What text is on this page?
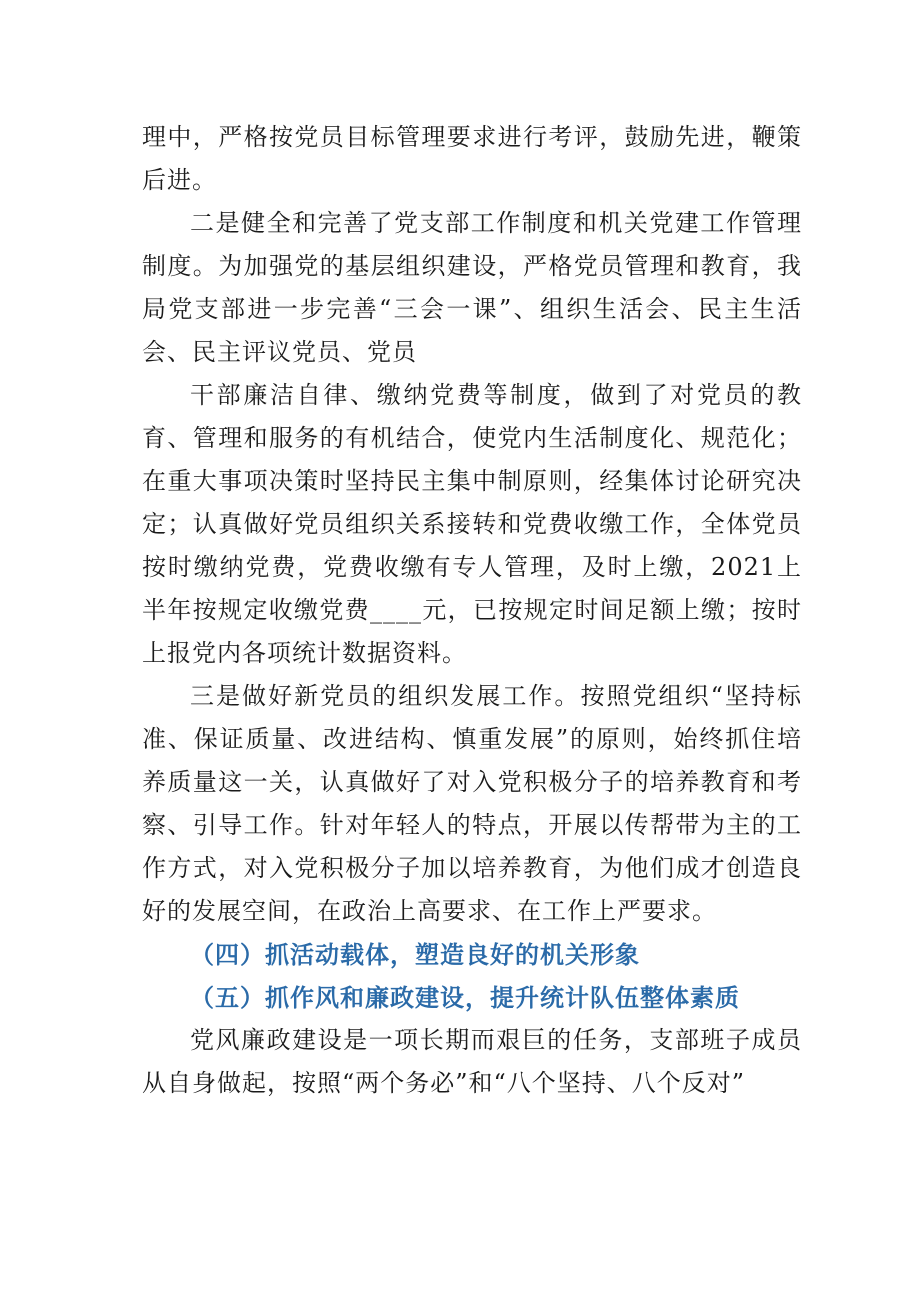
理中，严格按党员目标管理要求进行考评，鼓励先进，鞭策后进。

二是健全和完善了党支部工作制度和机关党建工作管理制度。为加强党的基层组织建设，严格党员管理和教育，我局党支部进一步完善“三会一课”、组织生活会、民主生活会、民主评议党员、党员

干部廉洁自律、缴纳党费等制度，做到了对党员的教育、管理和服务的有机结合，使党内生活制度化、规范化；在重大事项决策时坚持民主集中制原则，经集体讨论研究决定；认真做好党员组织关系接转和党费收缴工作，全体党员按时缴纳党费，党费收缴有专人管理，及时上缴，2021上半年按规定收缴党费____元，已按规定时间足额上缴；按时上报党内各项统计数据资料。

三是做好新党员的组织发展工作。按照党组织“坚持标准、保证质量、改进结构、慎重发展”的原则，始终抓住培养质量这一关，认真做好了对入党积极分子的培养教育和考察、引导工作。针对年轻人的特点，开展以传帮带为主的工作方式，对入党积极分子加以培养教育，为他们成才创造良好的发展空间，在政治上高要求、在工作上严要求。

（四）抓活动载体，塑造良好的机关形象

（五）抓作风和廉政建设，提升统计队伍整体素质

党风廉政建设是一项长期而艰巨的任务，支部班子成员从自身做起，按照“两个务必”和“八个坚持、八个反对”
